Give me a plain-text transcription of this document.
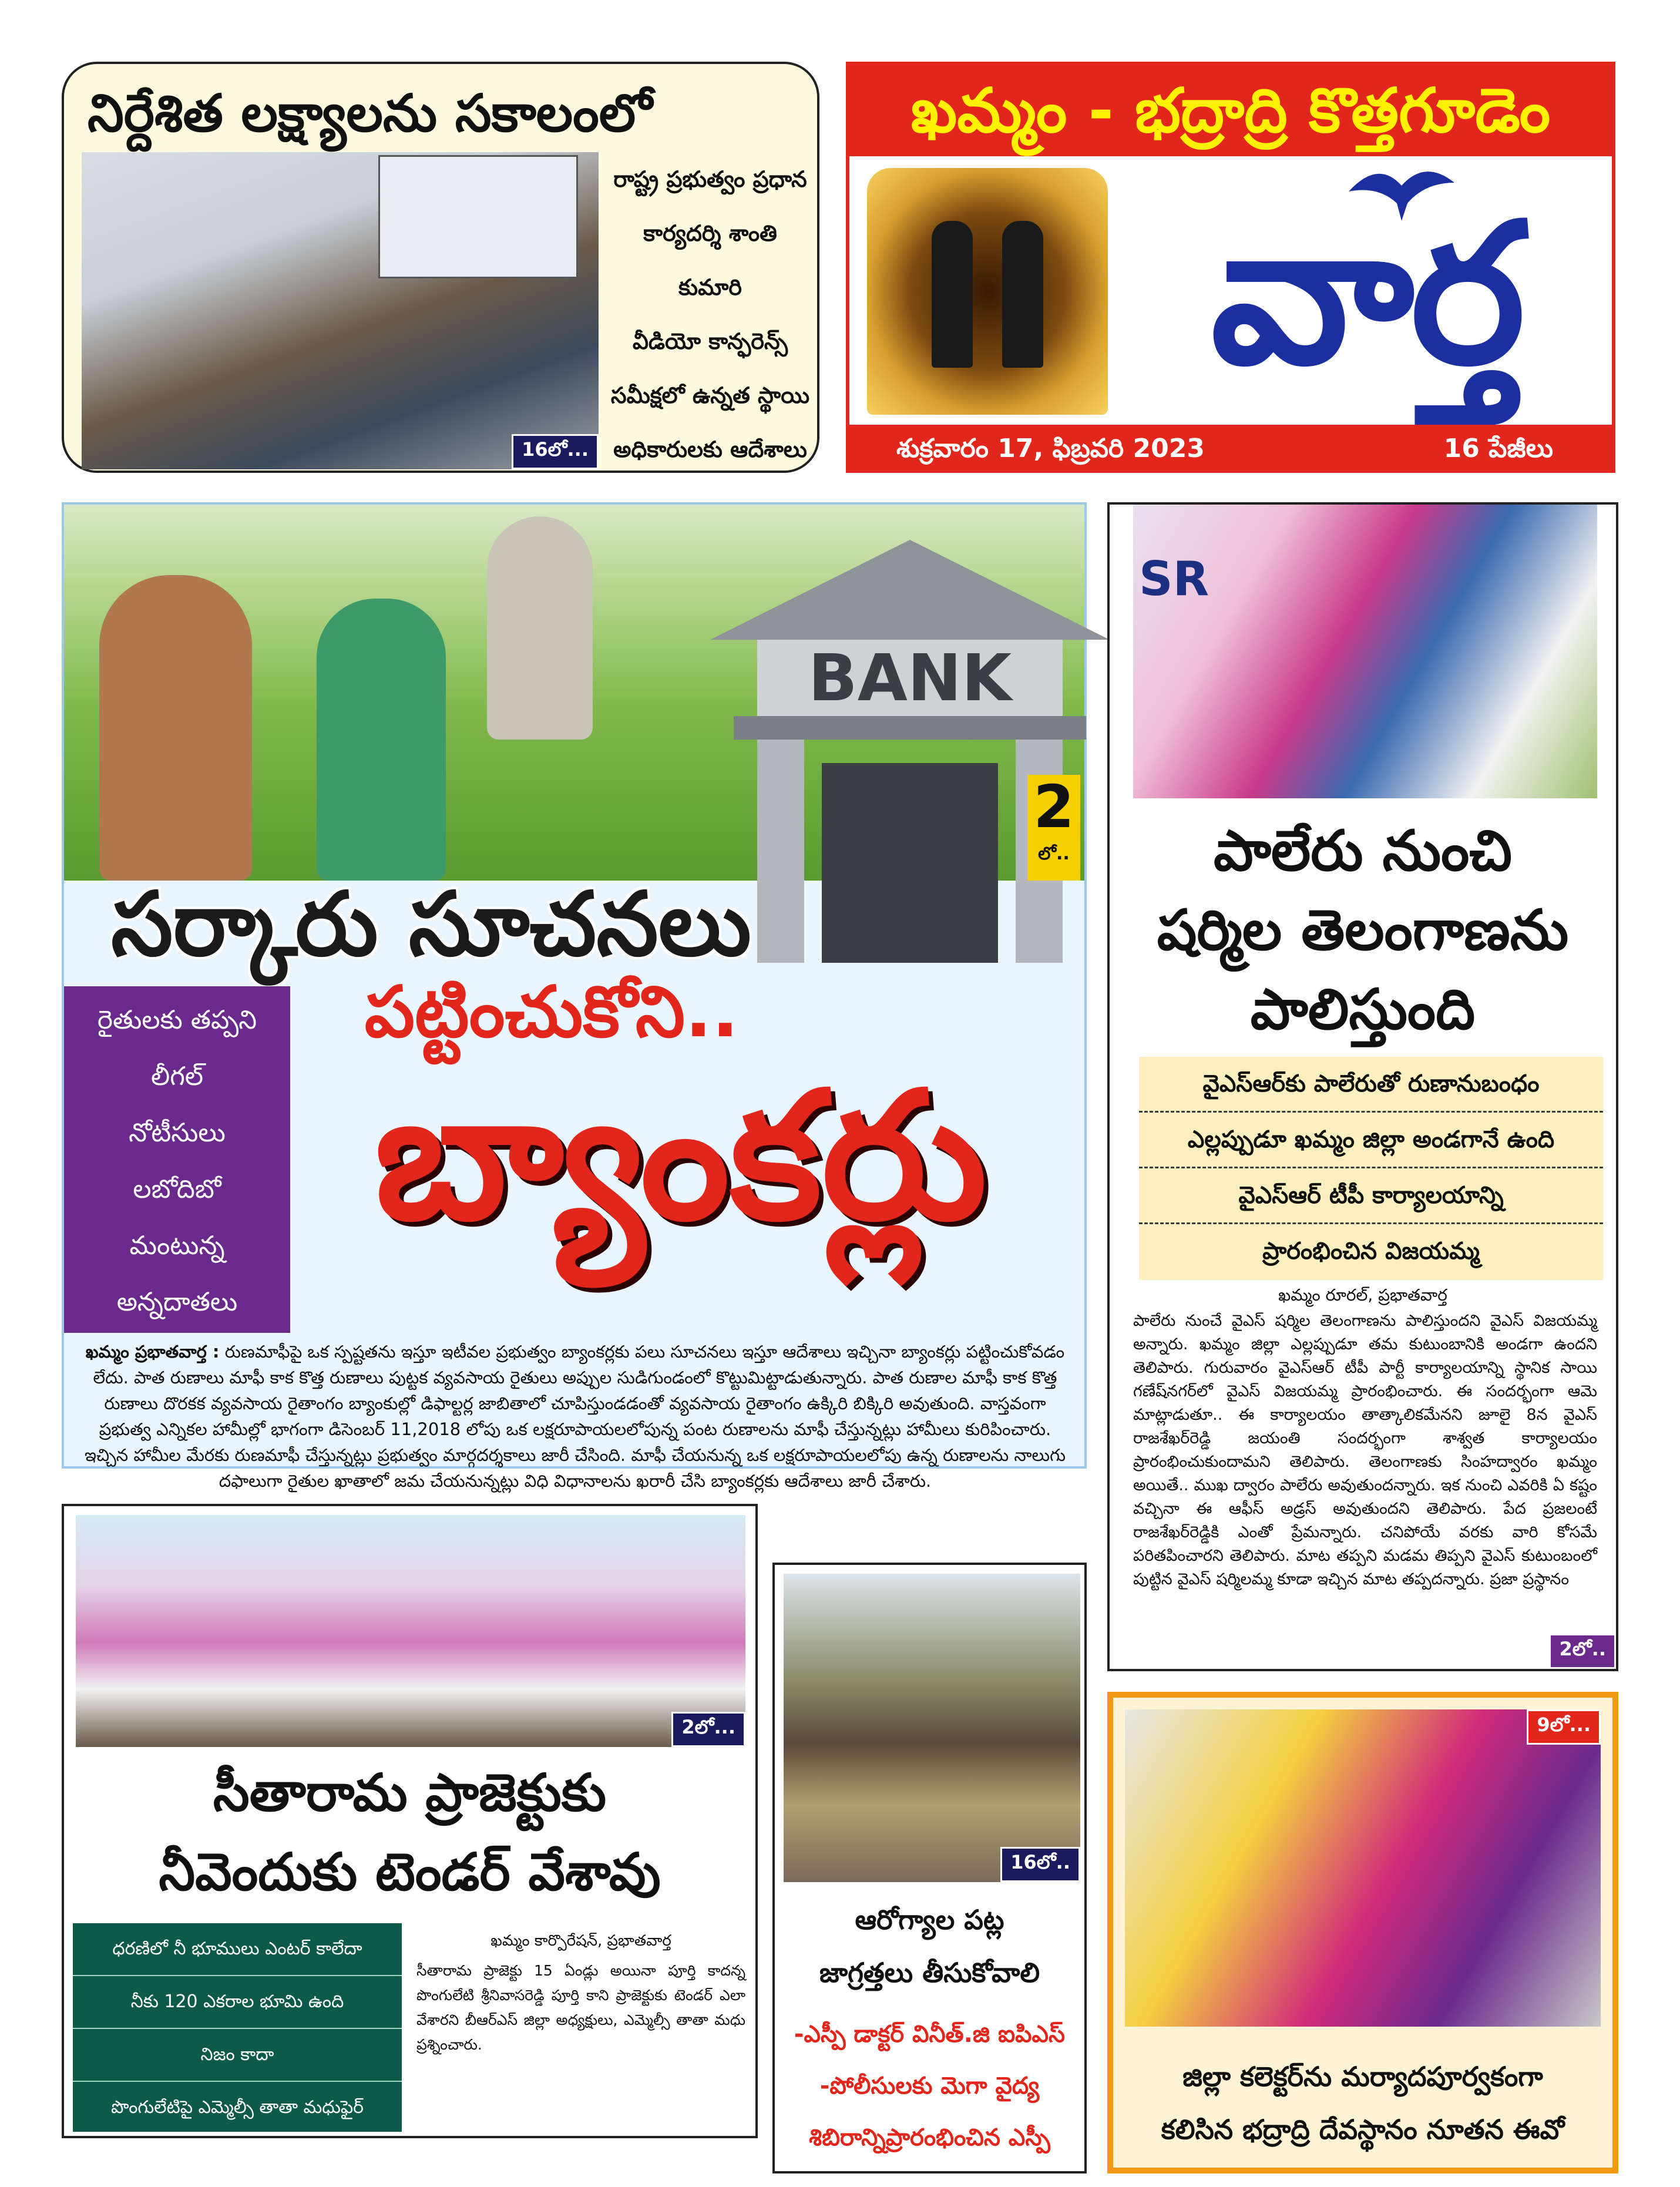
నిర్దేశిత లక్ష్యాలను సకాలంలో
16లో...
రాష్ట్ర ప్రభుత్వం ప్రధాన
కార్యదర్శి శాంతి
కుమారి
వీడియో కాన్ఫరెన్స్
సమీక్షలో ఉన్నత స్థాయి
అధికారులకు ఆదేశాలు
ఖమ్మం - భద్రాద్రి కొత్తగూడెం
వార్త
శుక్రవారం 17, ఫిబ్రవరి 2023	16 పేజీలు
BANK
2
లో..
సర్కారు సూచనలు
పట్టించుకోని..
బ్యాంకర్లు
రైతులకు తప్పని
లీగల్
నోటీసులు
లబోదిబో
మంటున్న
అన్నదాతలు
ఖమ్మం ప్రభాతవార్త : రుణమాఫీపై ఒక స్పష్టతను ఇస్తూ ఇటీవల ప్రభుత్వం బ్యాంకర్లకు పలు సూచనలు ఇస్తూ ఆదేశాలు ఇచ్చినా బ్యాంకర్లు పట్టించుకోవడం లేదు. పాత రుణాలు మాఫీ కాక కొత్త రుణాలు పుట్టక వ్యవసాయ రైతులు అప్పుల సుడిగుండంలో కొట్టుమిట్టాడుతున్నారు. పాత రుణాల మాఫీ కాక కొత్త రుణాలు దొరకక వ్యవసాయ రైతాంగం బ్యాంకుల్లో డిఫాల్టర్ల జాబితాలో చూపిస్తుండడంతో వ్యవసాయ రైతాంగం ఉక్కిరి బిక్కిరి అవుతుంది. వాస్తవంగా ప్రభుత్వ ఎన్నికల హామీల్లో భాగంగా డిసెంబర్ 11,2018 లోపు ఒక లక్షరూపాయలలోపున్న పంట రుణాలను మాఫీ చేస్తున్నట్లు హామీలు కురిపించారు. ఇచ్చిన హామీల మేరకు రుణమాఫీ చేస్తున్నట్లు ప్రభుత్వం మార్గదర్శకాలు జారీ చేసింది. మాఫీ చేయనున్న ఒక లక్షరూపాయలలోపు ఉన్న రుణాలను నాలుగు దఫాలుగా రైతుల ఖాతాలో జమ చేయనున్నట్లు విధి విధానాలను ఖరారీ చేసి బ్యాంకర్లకు ఆదేశాలు జారీ చేశారు.
SR
పాలేరు నుంచి
షర్మిల తెలంగాణను
పాలిస్తుంది
వైఎస్ఆర్‌కు పాలేరుతో రుణానుబంధం
ఎల్లప్పుడూ ఖమ్మం జిల్లా అండగానే ఉంది
వైఎస్ఆర్ టీపీ కార్యాలయాన్ని
ప్రారంభించిన విజయమ్మ
ఖమ్మం రూరల్, ప్రభాతవార్త
పాలేరు నుంచే వైఎస్ షర్మిల తెలంగాణను పాలిస్తుందని వైఎస్ విజయమ్మ అన్నారు. ఖమ్మం జిల్లా ఎల్లప్పుడూ తమ కుటుంబానికి అండగా ఉందని తెలిపారు. గురువారం వైఎస్ఆర్ టీపీ పార్టీ కార్యాలయాన్ని స్థానిక సాయి గణేష్‌నగర్‌లో వైఎస్ విజయమ్మ ప్రారంభించారు. ఈ సందర్భంగా ఆమె మాట్లాడుతూ.. ఈ కార్యాలయం తాత్కాలికమేనని జూలై 8న వైఎస్ రాజశేఖర్‌రెడ్డి జయంతి సందర్భంగా శాశ్వత కార్యాలయం ప్రారంభించుకుందామని తెలిపారు. తెలంగాణకు సింహద్వారం ఖమ్మం అయితే.. ముఖ ద్వారం పాలేరు అవుతుందన్నారు. ఇక నుంచి ఎవరికి ఏ కష్టం వచ్చినా ఈ ఆఫీస్ అడ్రస్ అవుతుందని తెలిపారు. పేద ప్రజలంటే రాజశేఖర్‌రెడ్డికి ఎంతో ప్రేమన్నారు. చనిపోయే వరకు వారి కోసమే పరితపించారని తెలిపారు. మాట తప్పని మడమ తిప్పని వైఎస్ కుటుంబంలో పుట్టిన వైఎస్ షర్మిలమ్మ కూడా ఇచ్చిన మాట తప్పదన్నారు. ప్రజా ప్రస్థానం
2లో..
2లో...
సీతారామ ప్రాజెక్టుకు
నీవెందుకు టెండర్ వేశావు
ధరణిలో నీ భూములు ఎంటర్ కాలేదా
నీకు 120 ఎకరాల భూమి ఉంది
నిజం కాదా
పొంగులేటిపై ఎమ్మెల్సీ తాతా మధుఫైర్
ఖమ్మం కార్పొరేషన్, ప్రభాతవార్త
సీతారామ ప్రాజెక్టు 15 ఏండ్లు అయినా పూర్తి కాదన్న పొంగులేటి శ్రీనివాసరెడ్డి పూర్తి కాని ప్రాజెక్టుకు టెండర్ ఎలా వేశారని బీఆర్ఎస్ జిల్లా అధ్యక్షులు, ఎమ్మెల్సీ తాతా మధు ప్రశ్నించారు.
16లో..
ఆరోగ్యాల పట్ల
జాగ్రత్తలు తీసుకోవాలి
-ఎస్పీ డాక్టర్ వినీత్.జి ఐపిఎస్
-పోలీసులకు మెగా వైద్య
శిబిరాన్నిప్రారంభించిన ఎస్పీ
9లో...
జిల్లా కలెక్టర్‌ను మర్యాదపూర్వకంగా
కలిసిన భద్రాద్రి దేవస్థానం నూతన ఈవో
